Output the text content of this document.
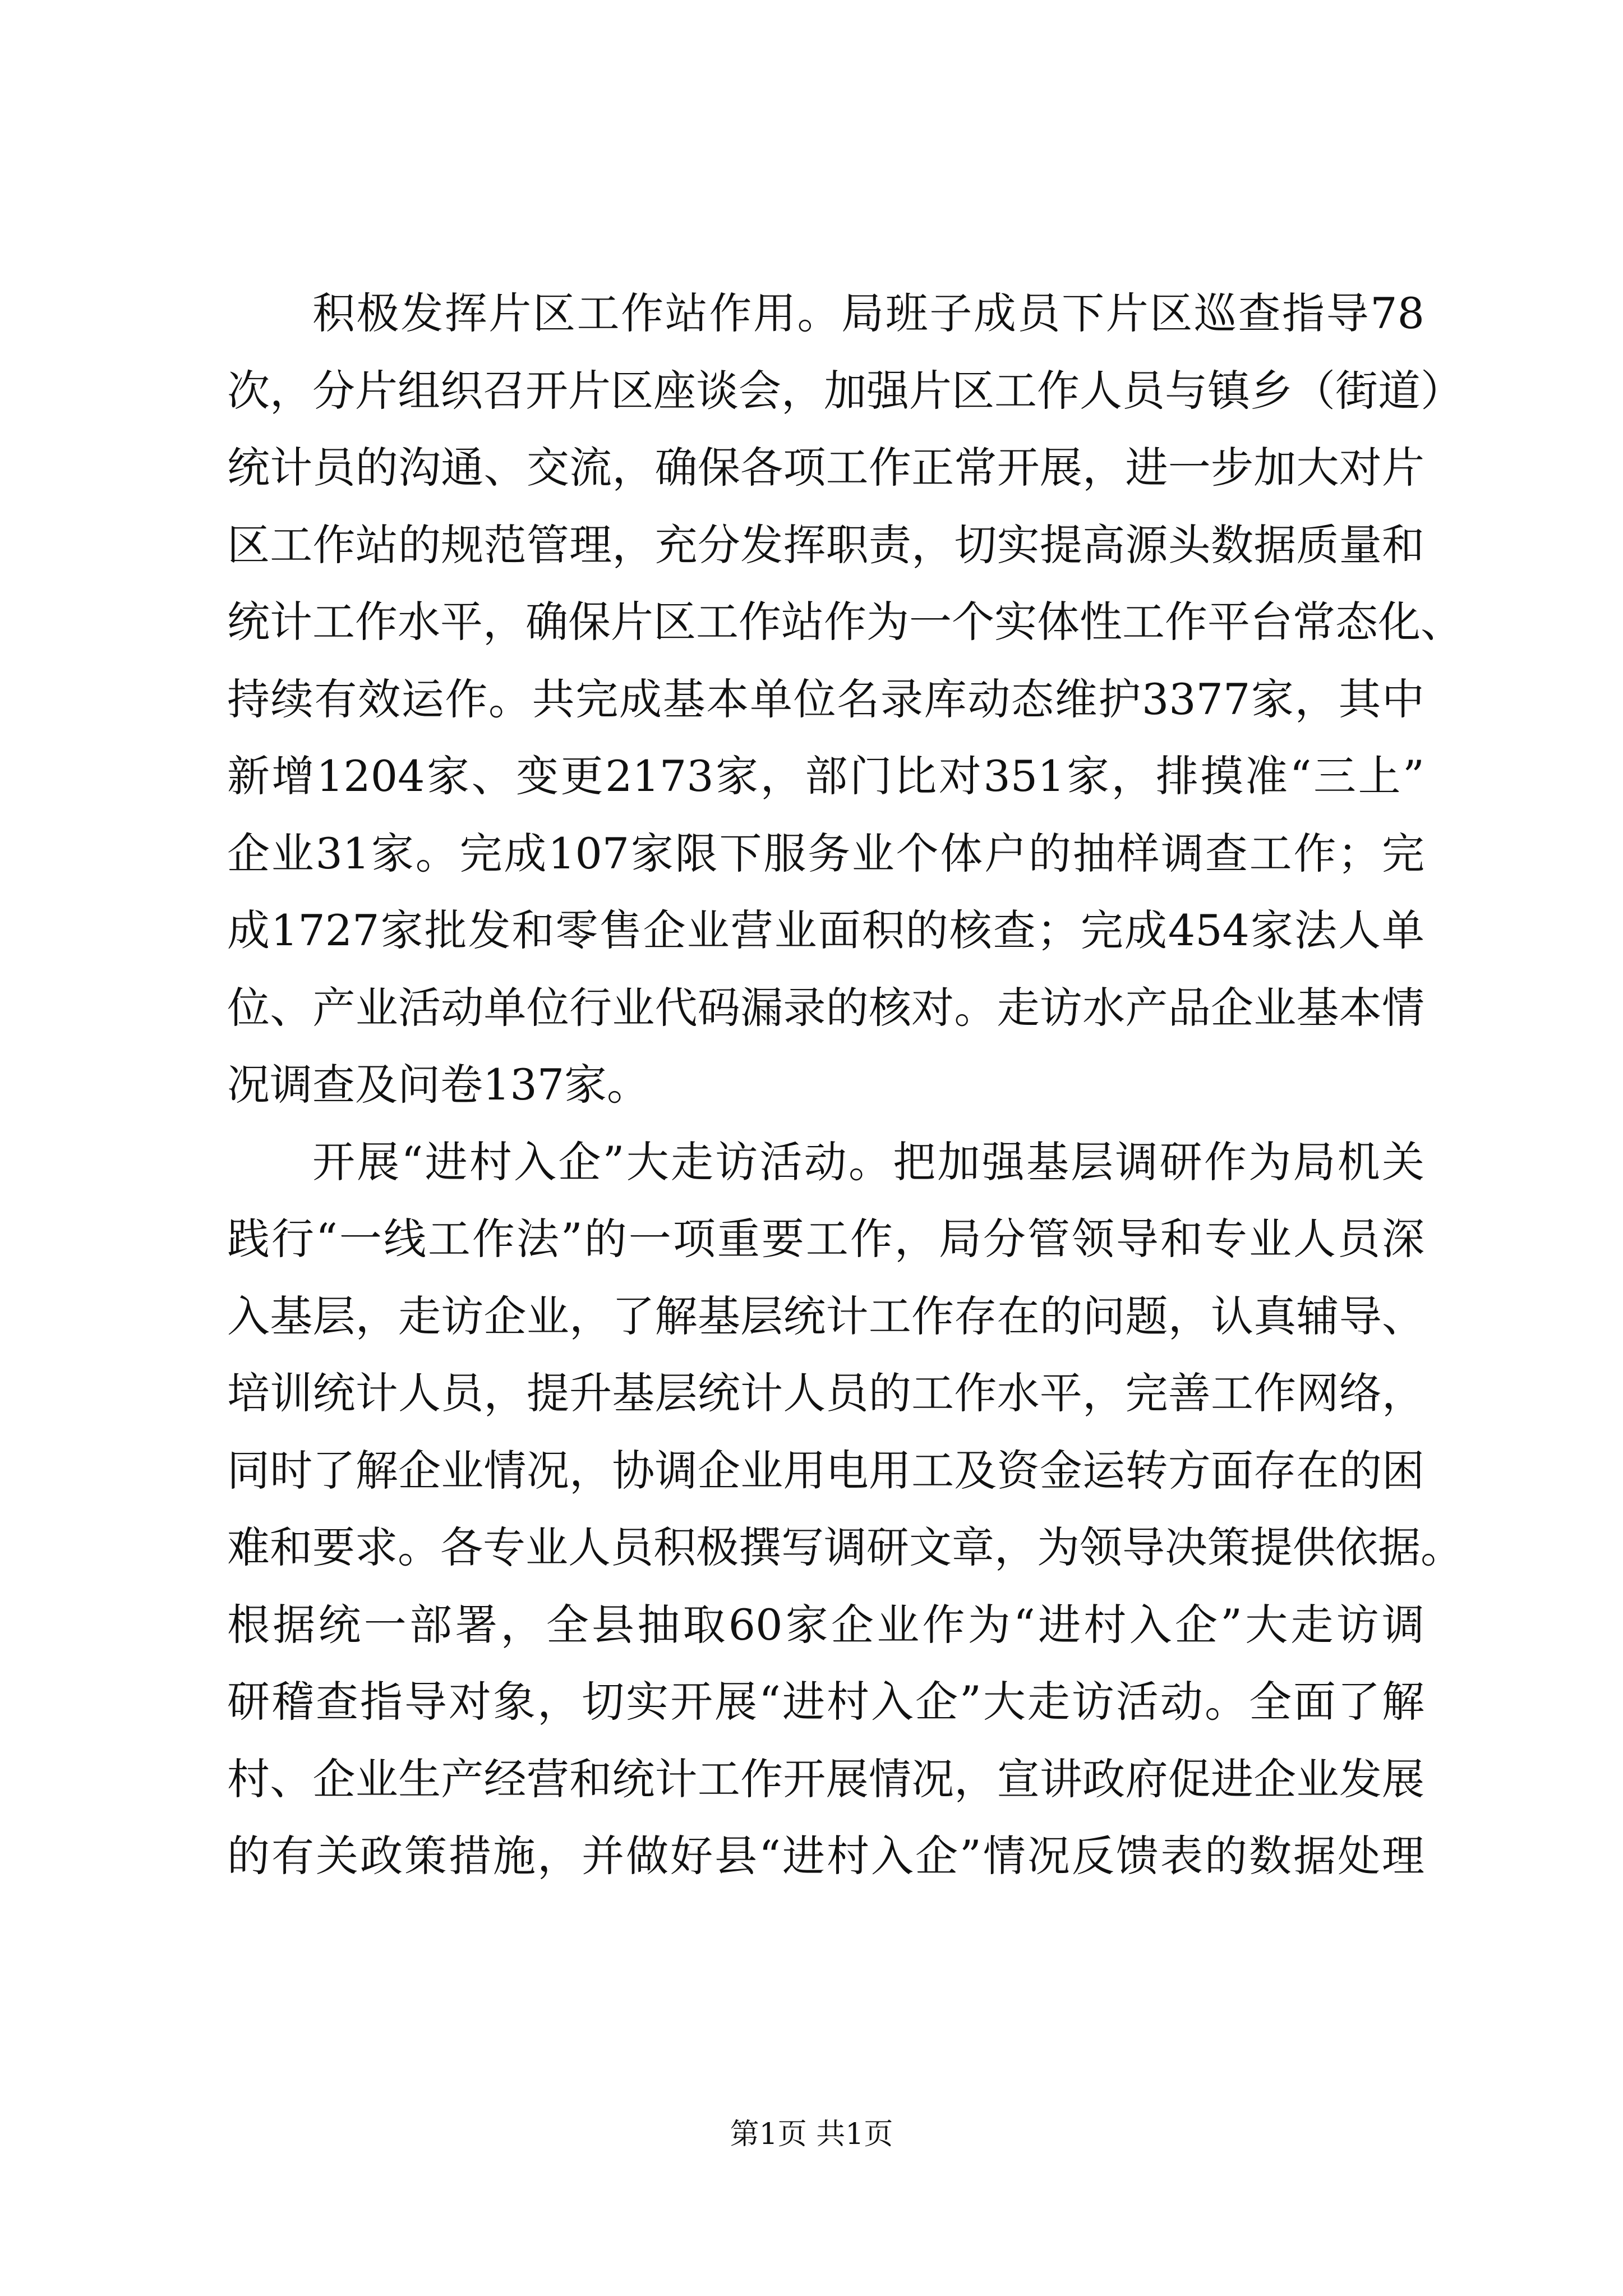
积极发挥片区工作站作用。局班子成员下片区巡查指导78
次，分片组织召开片区座谈会，加强片区工作人员与镇乡（街道）
统计员的沟通、交流，确保各项工作正常开展，进一步加大对片
区工作站的规范管理，充分发挥职责，切实提高源头数据质量和
统计工作水平，确保片区工作站作为一个实体性工作平台常态化、
持续有效运作。共完成基本单位名录库动态维护3377家，其中
新增1204家、变更2173家，部门比对351家，排摸准“三上”
企业31家。完成107家限下服务业个体户的抽样调查工作；完
成1727家批发和零售企业营业面积的核查；完成454家法人单
位、产业活动单位行业代码漏录的核对。走访水产品企业基本情
况调查及问卷137家。
开展“进村入企”大走访活动。把加强基层调研作为局机关
践行“一线工作法”的一项重要工作，局分管领导和专业人员深
入基层，走访企业，了解基层统计工作存在的问题，认真辅导、
培训统计人员，提升基层统计人员的工作水平，完善工作网络，
同时了解企业情况，协调企业用电用工及资金运转方面存在的困
难和要求。各专业人员积极撰写调研文章，为领导决策提供依据。
根据统一部署，全县抽取60家企业作为“进村入企”大走访调
研稽查指导对象，切实开展“进村入企”大走访活动。全面了解
村、企业生产经营和统计工作开展情况，宣讲政府促进企业发展
的有关政策措施，并做好县“进村入企”情况反馈表的数据处理
第1页 共1页
